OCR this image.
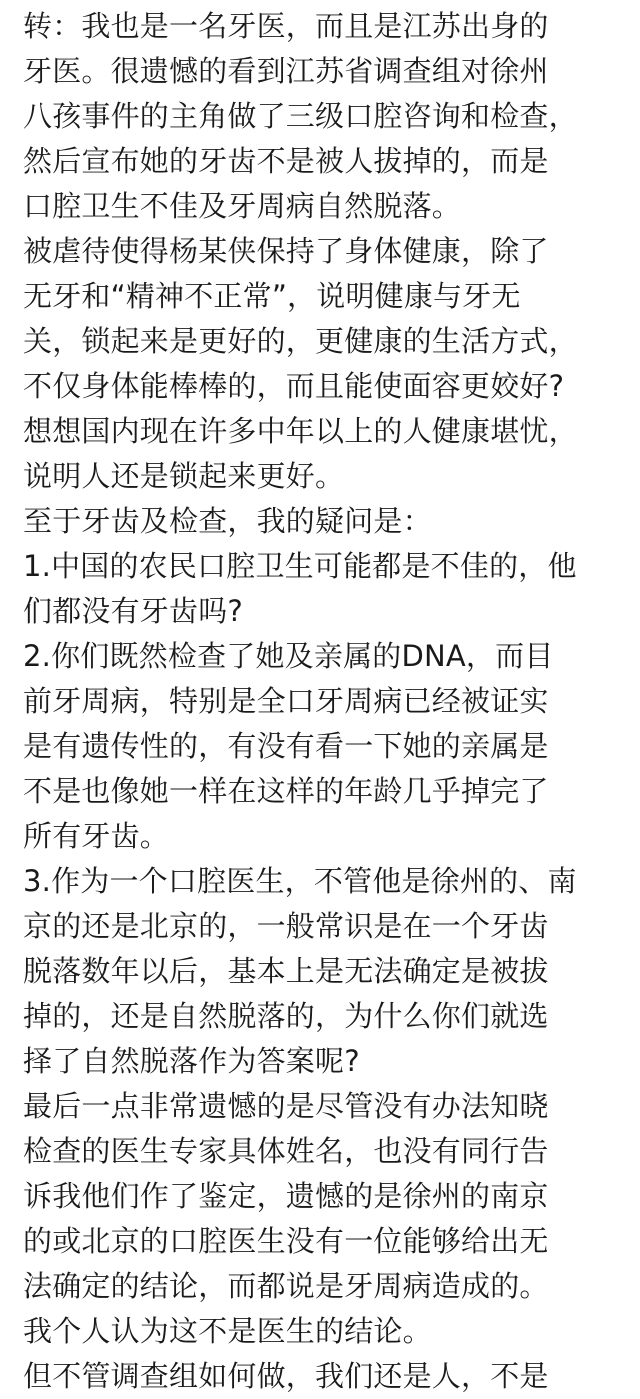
转：我也是一名牙医，而且是江苏出身的
牙医。很遗憾的看到江苏省调查组对徐州
八孩事件的主角做了三级口腔咨询和检查，
然后宣布她的牙齿不是被人拔掉的，而是
口腔卫生不佳及牙周病自然脱落。
被虐待使得杨某侠保持了身体健康，除了
无牙和“精神不正常”，说明健康与牙无
关，锁起来是更好的，更健康的生活方式，
不仅身体能棒棒的，而且能使面容更姣好?
想想国内现在许多中年以上的人健康堪忧，
说明人还是锁起来更好。
至于牙齿及检查，我的疑问是：
1.中国的农民口腔卫生可能都是不佳的，他
们都没有牙齿吗?
2.你们既然检查了她及亲属的DNA，而目
前牙周病，特别是全口牙周病已经被证实
是有遗传性的，有没有看一下她的亲属是
不是也像她一样在这样的年龄几乎掉完了
所有牙齿。
3.作为一个口腔医生，不管他是徐州的、南
京的还是北京的，一般常识是在一个牙齿
脱落数年以后，基本上是无法确定是被拔
掉的，还是自然脱落的，为什么你们就选
择了自然脱落作为答案呢?
最后一点非常遗憾的是尽管没有办法知晓
检查的医生专家具体姓名，也没有同行告
诉我他们作了鉴定，遗憾的是徐州的南京
的或北京的口腔医生没有一位能够给出无
法确定的结论，而都说是牙周病造成的。
我个人认为这不是医生的结论。
但不管调查组如何做，我们还是人，不是
